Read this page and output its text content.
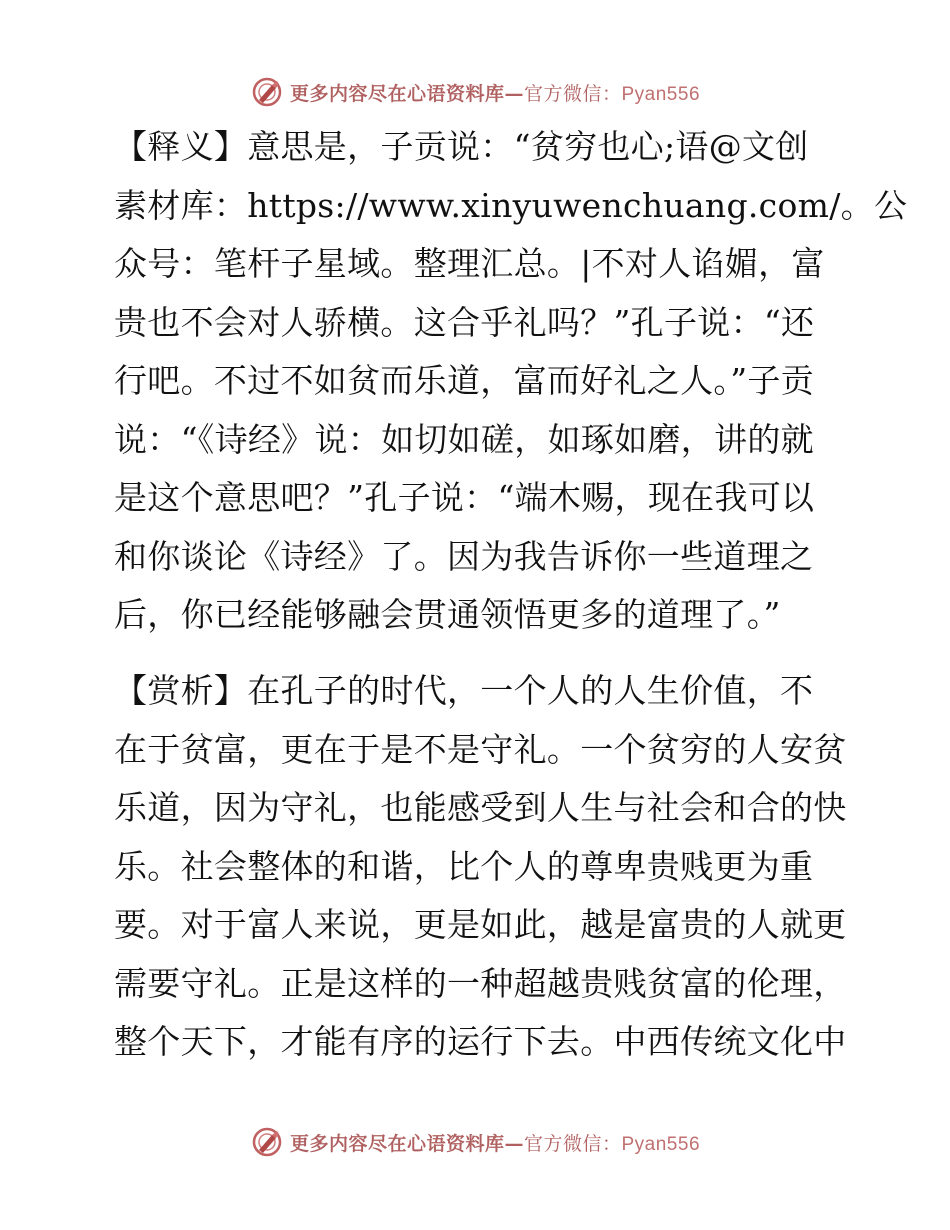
更多内容尽在心语资料库—官方微信：Pyan556
【释义】意思是，子贡说：“贫穷也心;语@文创
素材库：https://www.xinyuwenchuang.com/。公
众号：笔杆子星域。整理汇总。|不对人谄媚，富
贵也不会对人骄横。这合乎礼吗？”孔子说：“还
行吧。不过不如贫而乐道，富而好礼之人。”子贡
说：“《诗经》说：如切如磋，如琢如磨，讲的就
是这个意思吧？”孔子说：“端木赐，现在我可以
和你谈论《诗经》了。因为我告诉你一些道理之
后，你已经能够融会贯通领悟更多的道理了。”
【赏析】在孔子的时代，一个人的人生价值，不
在于贫富，更在于是不是守礼。一个贫穷的人安贫
乐道，因为守礼，也能感受到人生与社会和合的快
乐。社会整体的和谐，比个人的尊卑贵贱更为重
要。对于富人来说，更是如此，越是富贵的人就更
需要守礼。正是这样的一种超越贵贱贫富的伦理，
整个天下，才能有序的运行下去。中西传统文化中
更多内容尽在心语资料库—官方微信：Pyan556
